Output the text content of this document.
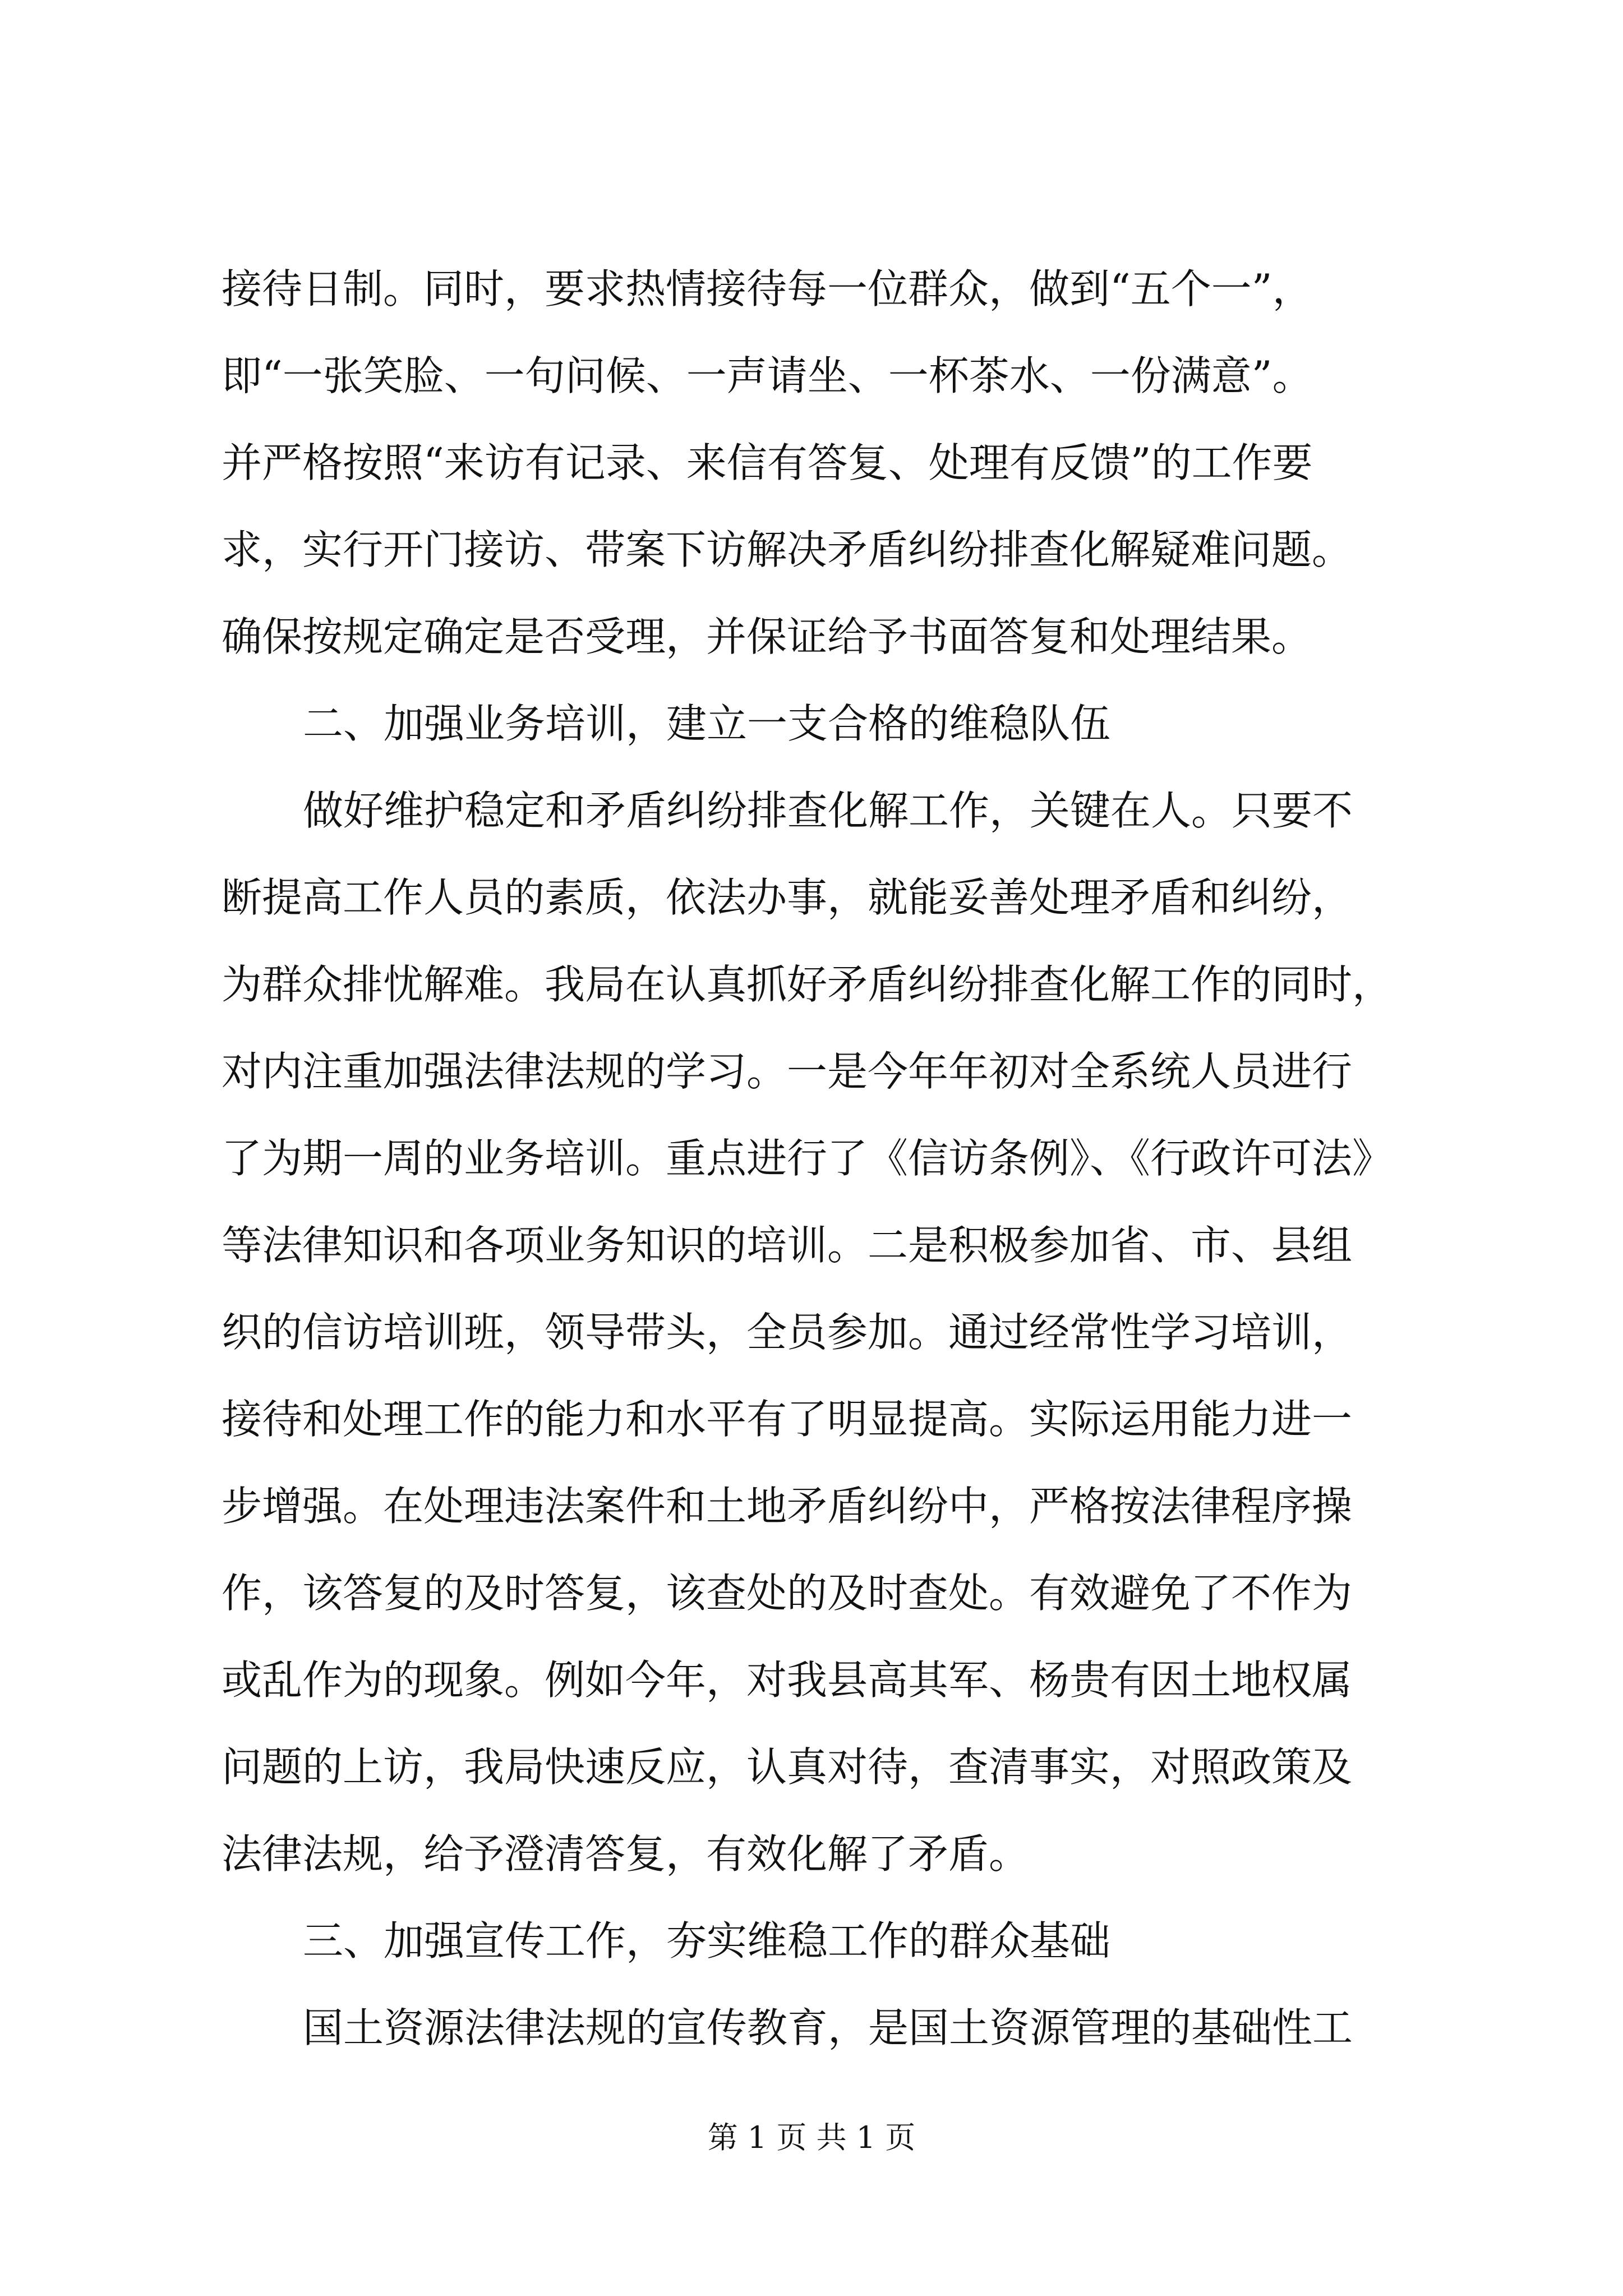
接待日制。同时，要求热情接待每一位群众，做到“五个一”，
即“一张笑脸、一句问候、一声请坐、一杯茶水、一份满意”。
并严格按照“来访有记录、来信有答复、处理有反馈”的工作要
求，实行开门接访、带案下访解决矛盾纠纷排查化解疑难问题。
确保按规定确定是否受理，并保证给予书面答复和处理结果。
二、加强业务培训，建立一支合格的维稳队伍
做好维护稳定和矛盾纠纷排查化解工作，关键在人。只要不
断提高工作人员的素质，依法办事，就能妥善处理矛盾和纠纷，
为群众排忧解难。我局在认真抓好矛盾纠纷排查化解工作的同时，
对内注重加强法律法规的学习。一是今年年初对全系统人员进行
了为期一周的业务培训。重点进行了《信访条例》、《行政许可法》
等法律知识和各项业务知识的培训。二是积极参加省、市、县组
织的信访培训班，领导带头，全员参加。通过经常性学习培训，
接待和处理工作的能力和水平有了明显提高。实际运用能力进一
步增强。在处理违法案件和土地矛盾纠纷中，严格按法律程序操
作，该答复的及时答复，该查处的及时查处。有效避免了不作为
或乱作为的现象。例如今年，对我县高其军、杨贵有因土地权属
问题的上访，我局快速反应，认真对待，查清事实，对照政策及
法律法规，给予澄清答复，有效化解了矛盾。
三、加强宣传工作，夯实维稳工作的群众基础
国土资源法律法规的宣传教育，是国土资源管理的基础性工
第 1 页 共 1 页
